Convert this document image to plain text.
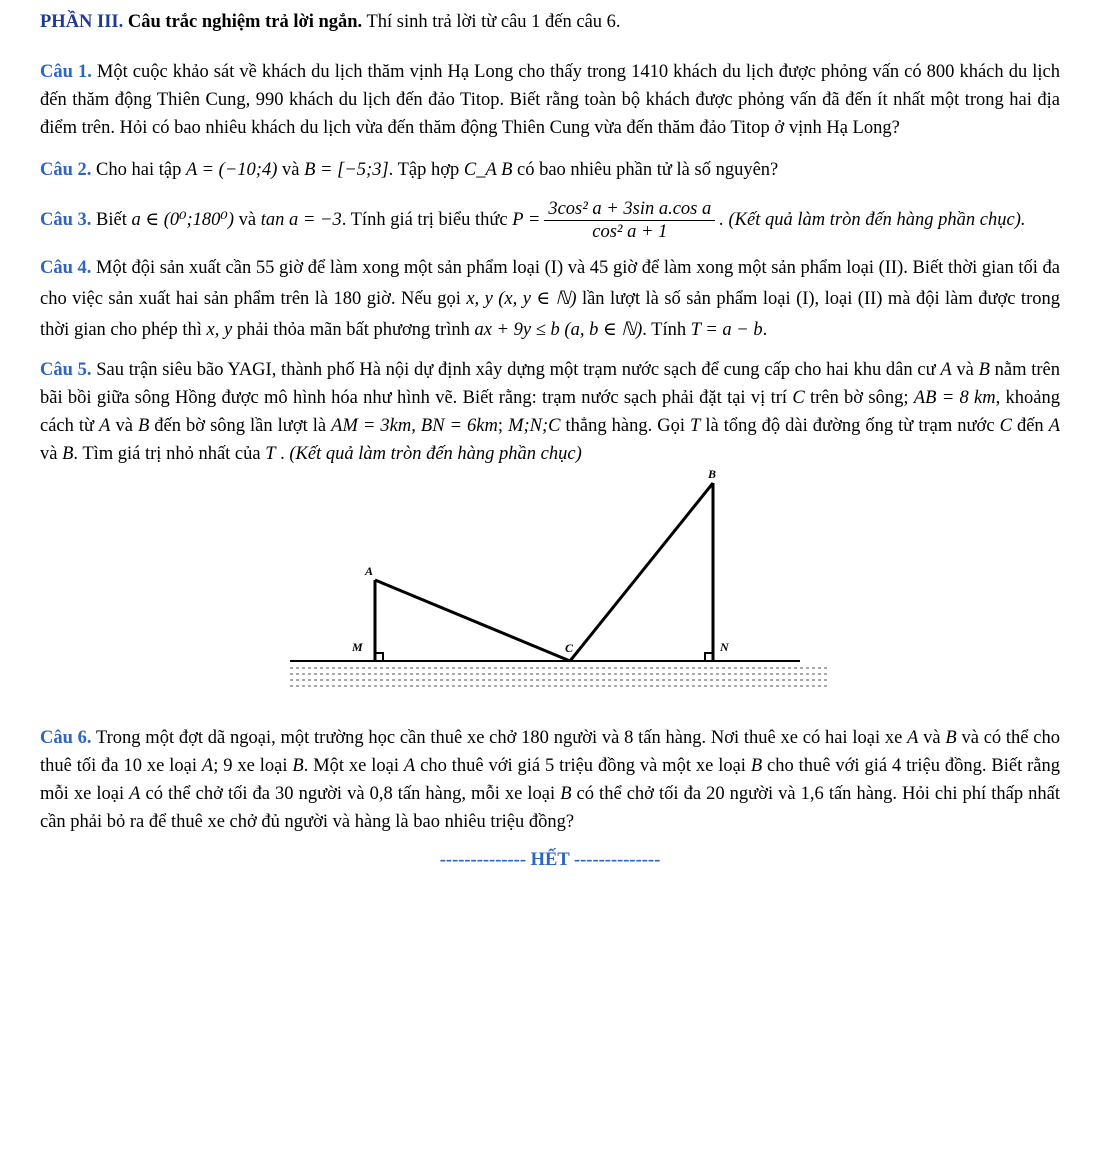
PHẦN III. Câu trắc nghiệm trả lời ngắn. Thí sinh trả lời từ câu 1 đến câu 6.

Câu 1. Một cuộc khảo sát về khách du lịch thăm vịnh Hạ Long cho thấy trong 1410 khách du lịch được phỏng vấn có 800 khách du lịch đến thăm động Thiên Cung, 990 khách du lịch đến đảo Titop. Biết rằng toàn bộ khách được phỏng vấn đã đến ít nhất một trong hai địa điểm trên. Hỏi có bao nhiêu khách du lịch vừa đến thăm động Thiên Cung vừa đến thăm đảo Titop ở vịnh Hạ Long?

Câu 2. Cho hai tập A = (−10;4) và B = [−5;3]. Tập hợp C_A B có bao nhiêu phần tử là số nguyên?

Câu 3. Biết a ∈ (0⁰;180⁰) và tan a = −3. Tính giá trị biểu thức $P = \frac{\text{3cos² a + 3sin a.cos a}}{\text{cos² a + 1}}$ . (Kết quả làm tròn đến hàng phần chục).

Câu 4. Một đội sản xuất cần 55 giờ để làm xong một sản phẩm loại (I) và 45 giờ để làm xong một sản phẩm loại (II). Biết thời gian tối đa cho việc sản xuất hai sản phẩm trên là 180 giờ. Nếu gọi x, y (x, y ∈ ℕ) lần lượt là số sản phẩm loại (I), loại (II) mà đội làm được trong thời gian cho phép thì x, y phải thỏa mãn bất phương trình ax + 9y ≤ b (a, b ∈ ℕ). Tính T = a − b.

Câu 5. Sau trận siêu bão YAGI, thành phố Hà nội dự định xây dựng một trạm nước sạch để cung cấp cho hai khu dân cư A và B nằm trên bãi bồi giữa sông Hồng được mô hình hóa như hình vẽ. Biết rằng: trạm nước sạch phải đặt tại vị trí C trên bờ sông; AB = 8 km, khoảng cách từ A và B đến bờ sông lần lượt là AM = 3km, BN = 6km; M;N;C thẳng hàng. Gọi T là tổng độ dài đường ống từ trạm nước C đến A và B. Tìm giá trị nhỏ nhất của T . (Kết quả làm tròn đến hàng phần chục)

B
A
M	C	N

Câu 6. Trong một đợt dã ngoại, một trường học cần thuê xe chở 180 người và 8 tấn hàng. Nơi thuê xe có hai loại xe A và B và có thể cho thuê tối đa 10 xe loại A; 9 xe loại B. Một xe loại A cho thuê với giá 5 triệu đồng và một xe loại B cho thuê với giá 4 triệu đồng. Biết rằng mỗi xe loại A có thể chở tối đa 30 người và 0,8 tấn hàng, mỗi xe loại B có thể chở tối đa 20 người và 1,6 tấn hàng. Hỏi chi phí thấp nhất cần phải bỏ ra để thuê xe chở đủ người và hàng là bao nhiêu triệu đồng?

-------------- HẾT --------------
